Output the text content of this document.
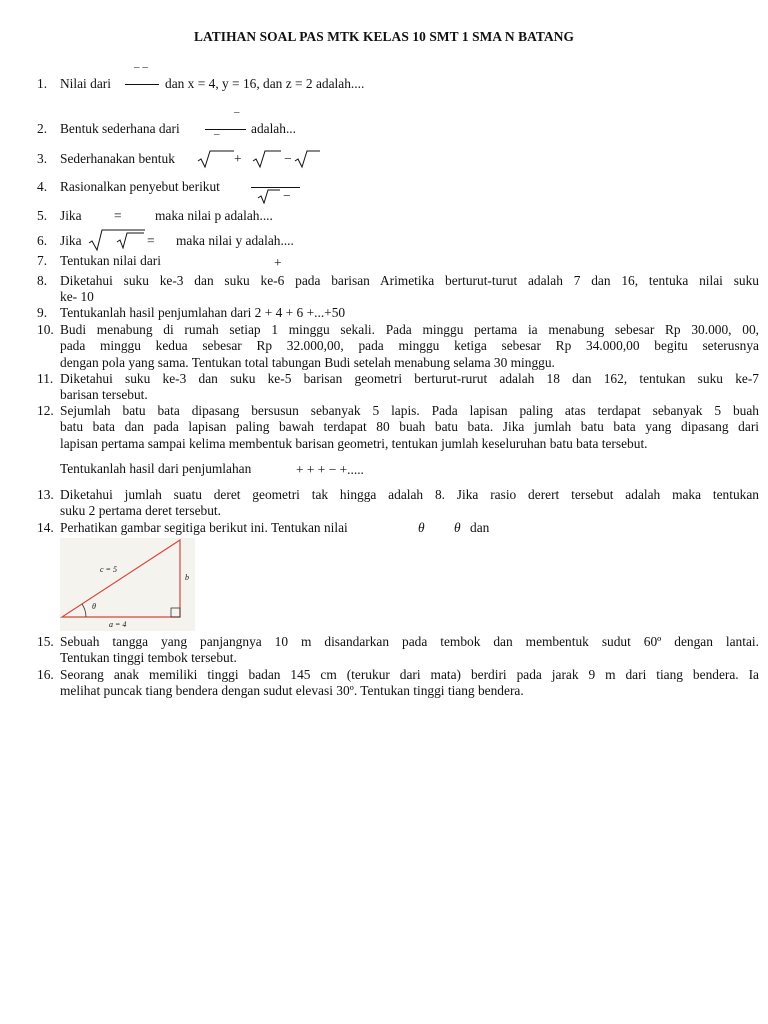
LATIHAN SOAL PAS MTK KELAS 10 SMT 1 SMA N BATANG
1. Nilai dari
‒ ‒
dan x = 4, y = 16, dan z = 2 adalah....
2. Bentuk sederhana dari
‒
‒ adalah...
3. Sederhanakan bentuk	+	−
4. Rasionalkan penyebut berikut
−
5. Jika = maka nilai p adalah....
6. Jika	= maka nilai y adalah....
7. Tentukan nilai dari	+
8. Diketahui suku ke-3 dan suku ke-6 pada barisan Arimetika berturut-turut adalah 7 dan 16, tentuka nilai suku
ke- 10
9. Tentukanlah hasil penjumlahan dari 2 + 4 + 6 +...+50
10. Budi menabung di rumah setiap 1 minggu sekali. Pada minggu pertama ia menabung sebesar Rp 30.000, 00,
pada minggu kedua sebesar Rp 32.000,00, pada minggu ketiga sebesar Rp 34.000,00 begitu seterusnya
dengan pola yang sama. Tentukan total tabungan Budi setelah menabung selama 30 minggu.
11. Diketahui suku ke-3 dan suku ke-5 barisan geometri berturut-rurut adalah 18 dan 162, tentukan suku ke-7
barisan tersebut.
12. Sejumlah batu bata dipasang bersusun sebanyak 5 lapis. Pada lapisan paling atas terdapat sebanyak 5 buah
batu bata dan pada lapisan paling bawah terdapat 80 buah batu bata. Jika jumlah batu bata yang dipasang dari
lapisan pertama sampai kelima membentuk barisan geometri, tentukan jumlah keseluruhan batu bata tersebut.
Tentukanlah hasil dari penjumlahan	+ + + − +.....
13. Diketahui jumlah suatu deret geometri tak hingga adalah 8. Jika rasio derert tersebut adalah maka tentukan
suku 2 pertama deret tersebut.
14. Perhatikan gambar segitiga berikut ini. Tentukan nilai	θ θ dan
c = 5
b
θ
a = 4
15. Sebuah tangga yang panjangnya 10 m disandarkan pada tembok dan membentuk sudut 60º dengan lantai.
Tentukan tinggi tembok tersebut.
16. Seorang anak memiliki tinggi badan 145 cm (terukur dari mata) berdiri pada jarak 9 m dari tiang bendera. Ia
melihat puncak tiang bendera dengan sudut elevasi 30º. Tentukan tinggi tiang bendera.
